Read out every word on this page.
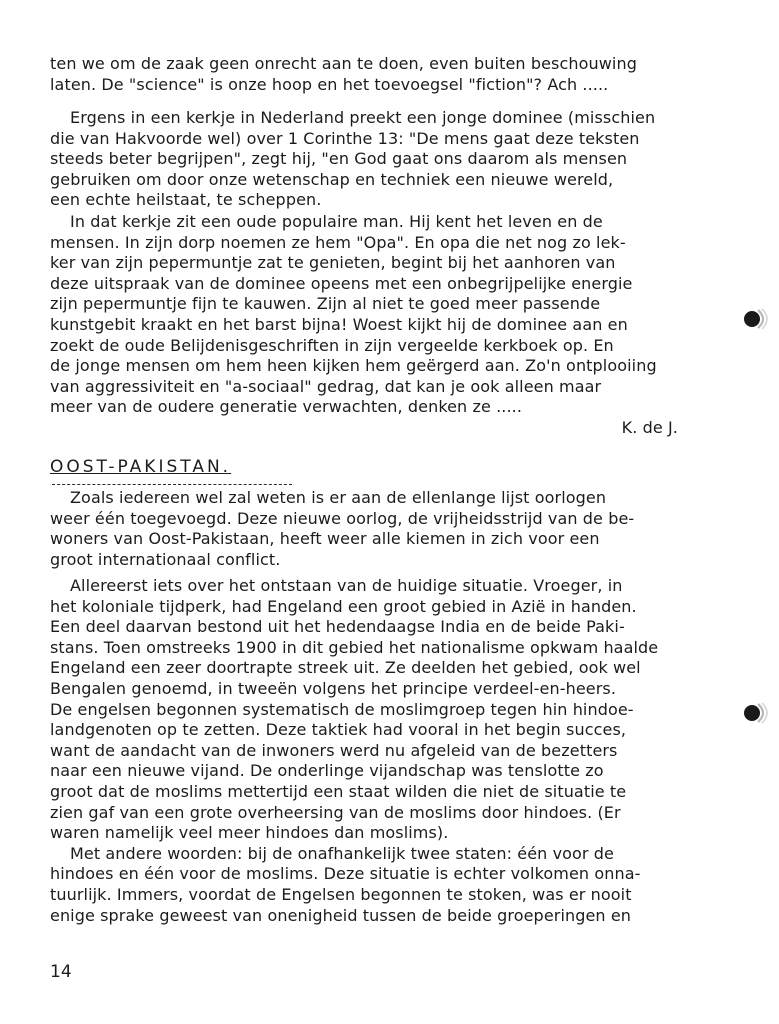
ten we om de zaak geen onrecht aan te doen, even buiten beschouwing
laten. De "science" is onze hoop en het toevoegsel "fiction"? Ach .....
Ergens in een kerkje in Nederland preekt een jonge dominee (misschien
die van Hakvoorde wel) over 1 Corinthe 13: "De mens gaat deze teksten
steeds beter begrijpen", zegt hij, "en God gaat ons daarom als mensen
gebruiken om door onze wetenschap en techniek een nieuwe wereld,
een echte heilstaat, te scheppen.
In dat kerkje zit een oude populaire man. Hij kent het leven en de
mensen. In zijn dorp noemen ze hem "Opa". En opa die net nog zo lek-
ker van zijn pepermuntje zat te genieten, begint bij het aanhoren van
deze uitspraak van de dominee opeens met een onbegrijpelijke energie
zijn pepermuntje fijn te kauwen. Zijn al niet te goed meer passende
kunstgebit kraakt en het barst bijna! Woest kijkt hij de dominee aan en
zoekt de oude Belijdenisgeschriften in zijn vergeelde kerkboek op. En
de jonge mensen om hem heen kijken hem geërgerd aan. Zo'n ontplooiing
van aggressiviteit en "a-sociaal" gedrag, dat kan je ook alleen maar
meer van de oudere generatie verwachten, denken ze .....
K. de J.
OOST-PAKISTAN.
Zoals iedereen wel zal weten is er aan de ellenlange lijst oorlogen
weer één toegevoegd. Deze nieuwe oorlog, de vrijheidsstrijd van de be-
woners van Oost-Pakistaan, heeft weer alle kiemen in zich voor een
groot internationaal conflict.
Allereerst iets over het ontstaan van de huidige situatie. Vroeger, in
het koloniale tijdperk, had Engeland een groot gebied in Azië in handen.
Een deel daarvan bestond uit het hedendaagse India en de beide Paki-
stans. Toen omstreeks 1900 in dit gebied het nationalisme opkwam haalde
Engeland een zeer doortrapte streek uit. Ze deelden het gebied, ook wel
Bengalen genoemd, in tweeën volgens het principe verdeel-en-heers.
De engelsen begonnen systematisch de moslimgroep tegen hin hindoe-
landgenoten op te zetten. Deze taktiek had vooral in het begin succes,
want de aandacht van de inwoners werd nu afgeleid van de bezetters
naar een nieuwe vijand. De onderlinge vijandschap was tenslotte zo
groot dat de moslims mettertijd een staat wilden die niet de situatie te
zien gaf van een grote overheersing van de moslims door hindoes. (Er
waren namelijk veel meer hindoes dan moslims).
Met andere woorden: bij de onafhankelijk twee staten: één voor de
hindoes en één voor de moslims. Deze situatie is echter volkomen onna-
tuurlijk. Immers, voordat de Engelsen begonnen te stoken, was er nooit
enige sprake geweest van onenigheid tussen de beide groeperingen en
14
